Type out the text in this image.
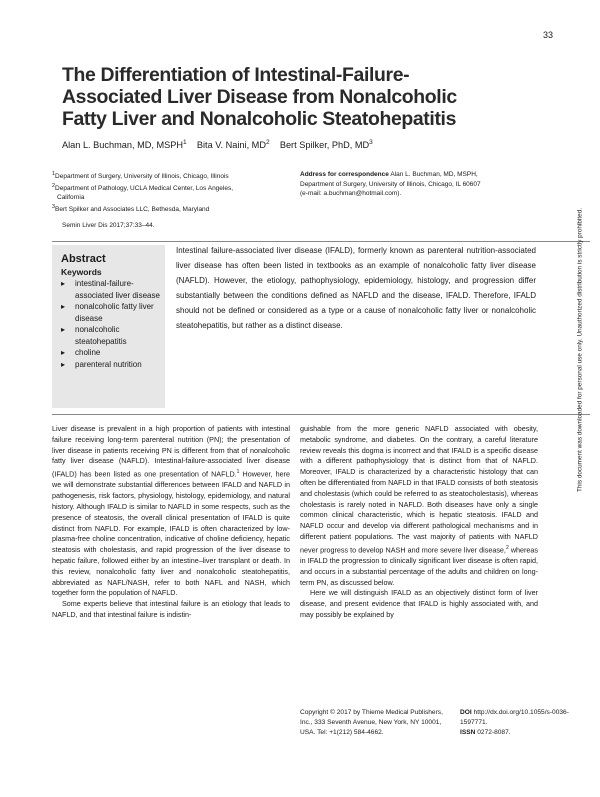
33
The Differentiation of Intestinal-Failure-Associated Liver Disease from Nonalcoholic Fatty Liver and Nonalcoholic Steatohepatitis
Alan L. Buchman, MD, MSPH$^1$ Bita V. Naini, $MD^2$ Bert Spilker, PhD, $MD^3$

$^1$Department of Surgery, University of Illinois, Chicago, Illinois

$^2$Department of Pathology, UCLA Medical Center, Los Angeles,

California

$^3$Bert Spilker and Associates LLC, Bethesda, Maryland

Address for correspondence Alan L. Buchman, MD, MSPH,
Department of Surgery, University of Illinois, Chicago, IL 60607
(e-mail: a.buchman@hotmail.com).
Semin Liver Dis 2017;37:33–44.
Abstract
Keywords
▸ intestinal-failure-associated liver disease
▸ nonalcoholic fatty liver disease
▸ nonalcoholic steatohepatitis
▸ choline
▸ parenteral nutrition
Intestinal failure-associated liver disease (IFALD), formerly known as parenteral nutrition-associated liver disease has often been listed in textbooks as an example of nonalcoholic fatty liver disease (NAFLD). However, the etiology, pathophysiology, epidemiology, histology, and progression differ substantially between the conditions defined as NAFLD and the disease, IFALD. Therefore, IFALD should not be defined or considered as a type or a cause of nonalcoholic fatty liver or nonalcoholic steatohepatitis, but rather as a distinct disease.

Liver disease is prevalent in a high proportion of patients with intestinal failure receiving long-term parenteral nutrition (PN); the presentation of liver disease in patients receiving PN is different from that of nonalcoholic fatty liver disease (NAFLD). Intestinal-failure-associated liver disease (IFALD) has been listed as one presentation of NAFLD.$^1$ However, here we will demonstrate substantial differences between IFALD and NAFLD in pathogenesis, risk factors, physiology, histology, epidemiology, and natural history. Although IFALD is similar to NAFLD in some respects, such as the presence of steatosis, the overall clinical presentation of IFALD is quite distinct from NAFLD. For example, IFALD is often characterized by low-plasma-free choline concentration, indicative of choline deficiency, hepatic steatosis with cholestasis, and rapid progression of the liver disease to hepatic failure, followed either by an intestine–liver transplant or death. In this review, nonalcoholic fatty liver and nonalcoholic steatohepatitis, abbreviated as NAFL/NASH, refer to both NAFL and NASH, which together form the population of NAFLD.

Some experts believe that intestinal failure is an etiology that leads to NAFLD, and that intestinal failure is indistin-

guishable from the more generic NAFLD associated with obesity, metabolic syndrome, and diabetes. On the contrary, a careful literature review reveals this dogma is incorrect and that IFALD is a specific disease with a different pathophysiology that is distinct from that of NAFLD. Moreover, IFALD is characterized by a characteristic histology that can often be differentiated from NAFLD in that IFALD consists of both steatosis and cholestasis (which could be referred to as steatocholestasis), whereas cholestasis is rarely noted in NAFLD. Both diseases have only a single common clinical characteristic, which is hepatic steatosis. IFALD and NAFLD occur and develop via different pathological mechanisms and in different patient populations. The vast majority of patients with NAFLD never progress to develop NASH and more severe liver disease,$^2$ whereas in IFALD the progression to clinically significant liver disease is often rapid, and occurs in a substantial percentage of the adults and children on long-term PN, as discussed below.

Here we will distinguish IFALD as an objectively distinct form of liver disease, and present evidence that IFALD is highly associated with, and may possibly be explained by

Copyright © 2017 by Thieme Medical Publishers, Inc., 333 Seventh Avenue, New York, NY 10001, USA. Tel: +1(212) 584-4662.
DOI http://dx.doi.org/10.1055/s-0036-1597771.
ISSN 0272-8087.
This document was downloaded for personal use only. Unauthorized distribution is strictly prohibited.
